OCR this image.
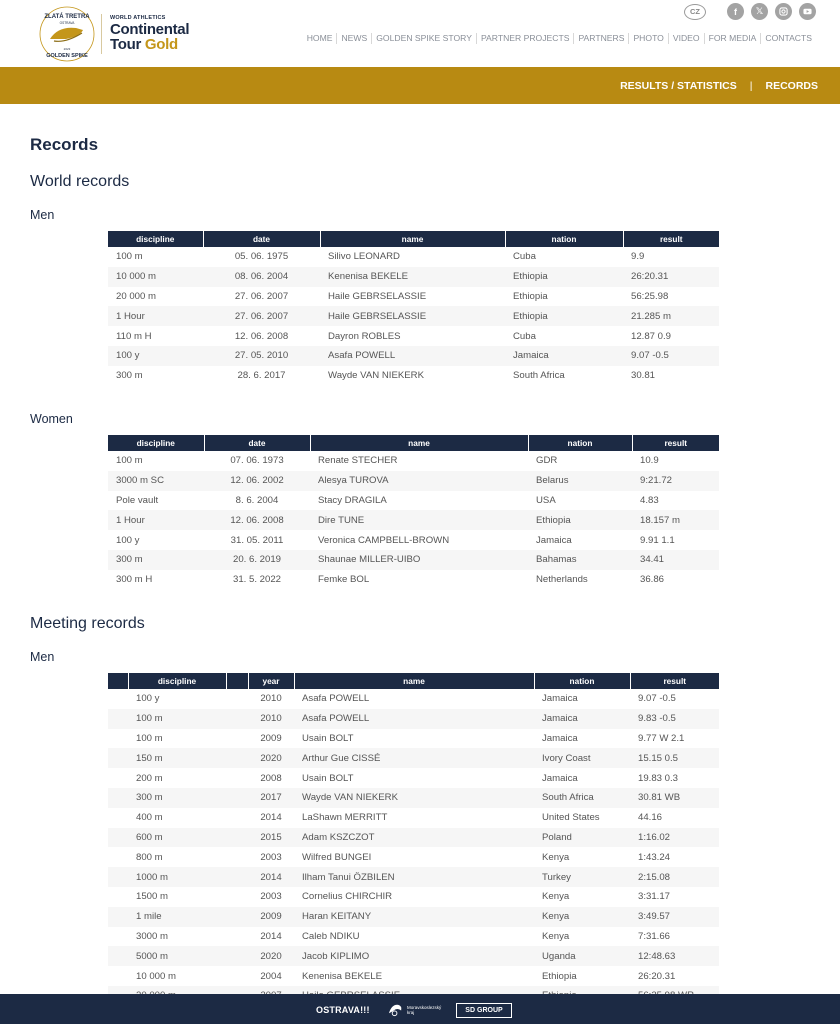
ZLATÁ TRETRA
OSTRAVA
2023
GOLDEN SPIKE
WORLD ATHLETICS
Continental
Tour Gold
CZ	f	𝕏
HOME	NEWS	GOLDEN SPIKE STORY	PARTNER PROJECTS	PARTNERS	PHOTO	VIDEO	FOR MEDIA	CONTACTS
RESULTS / STATISTICS | RECORDS
Records
World records
Men
discipline	date	name	nation	result
100 m	05. 06. 1975	Silivo LEONARD	Cuba	9.9
10 000 m	08. 06. 2004	Kenenisa BEKELE	Ethiopia	26:20.31
20 000 m	27. 06. 2007	Haile GEBRSELASSIE	Ethiopia	56:25.98
1 Hour	27. 06. 2007	Haile GEBRSELASSIE	Ethiopia	21.285 m
110 m H	12. 06. 2008	Dayron ROBLES	Cuba	12.87 0.9
100 y	27. 05. 2010	Asafa POWELL	Jamaica	9.07 -0.5
300 m	28. 6. 2017	Wayde VAN NIEKERK	South Africa	30.81
Women
discipline	date	name	nation	result
100 m	07. 06. 1973	Renate STECHER	GDR	10.9
3000 m SC	12. 06. 2002	Alesya TUROVA	Belarus	9:21.72
Pole vault	8. 6. 2004	Stacy DRAGILA	USA	4.83
1 Hour	12. 06. 2008	Dire TUNE	Ethiopia	18.157 m
100 y	31. 05. 2011	Veronica CAMPBELL-BROWN	Jamaica	9.91 1.1
300 m	20. 6. 2019	Shaunae MILLER-UIBO	Bahamas	34.41
300 m H	31. 5. 2022	Femke BOL	Netherlands	36.86
Meeting records
Men
	discipline		year	name	nation	result
	100 y		2010	Asafa POWELL	Jamaica	9.07 -0.5
	100 m		2010	Asafa POWELL	Jamaica	9.83 -0.5
	100 m		2009	Usain BOLT	Jamaica	9.77 W 2.1
	150 m		2020	Arthur Gue CISSÉ	Ivory Coast	15.15 0.5
	200 m		2008	Usain BOLT	Jamaica	19.83 0.3
	300 m		2017	Wayde VAN NIEKERK	South Africa	30.81 WB
	400 m		2014	LaShawn MERRITT	United States	44.16
	600 m		2015	Adam KSZCZOT	Poland	1:16.02
	800 m		2003	Wilfred BUNGEI	Kenya	1:43.24
	1000 m		2014	Ilham Tanui ÖZBILEN	Turkey	2:15.08
	1500 m		2003	Cornelius CHIRCHIR	Kenya	3:31.17
	1 mile		2009	Haran KEITANY	Kenya	3:49.57
	3000 m		2014	Caleb NDIKU	Kenya	7:31.66
	5000 m		2020	Jacob KIPLIMO	Uganda	12:48.63
	10 000 m		2004	Kenenisa BEKELE	Ethiopia	26:20.31

OSTRAVA!!!	Moravskoslezský
kraj	SD GROUP
